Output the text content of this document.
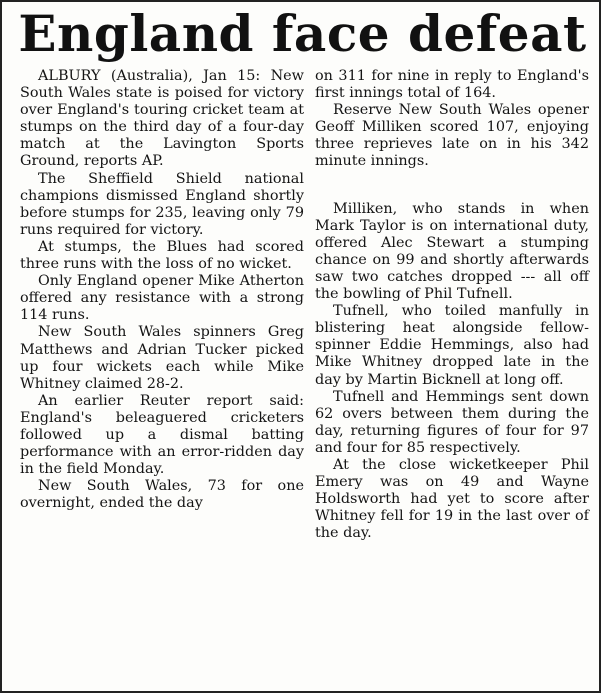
England face defeat

ALBURY (Australia), Jan 15: New South Wales state is poised for victory over England's touring cricket team at stumps on the third day of a four-day match at the Lavington Sports Ground, reports AP.

The Sheffield Shield national champions dismissed England shortly before stumps for 235, leaving only 79 runs required for victory.

At stumps, the Blues had scored three runs with the loss of no wicket.

Only England opener Mike Atherton offered any resistance with a strong 114 runs.

New South Wales spinners Greg Matthews and Adrian Tucker picked up four wickets each while Mike Whitney claimed 28-2.

An earlier Reuter report said: England's beleaguered cricketers followed up a dismal batting performance with an error-ridden day in the field Monday.

New South Wales, 73 for one overnight, ended the day

on 311 for nine in reply to England's first innings total of 164.

Reserve New South Wales opener Geoff Milliken scored 107, enjoying three reprieves late on in his 342 minute innings.

Milliken, who stands in when Mark Taylor is on international duty, offered Alec Stewart a stumping chance on 99 and shortly afterwards saw two catches dropped --- all off the bowling of Phil Tufnell.

Tufnell, who toiled manfully in blistering heat alongside fellow-spinner Eddie Hemmings, also had Mike Whitney dropped late in the day by Martin Bicknell at long off.

Tufnell and Hemmings sent down 62 overs between them during the day, returning figures of four for 97 and four for 85 respectively.

At the close wicketkeeper Phil Emery was on 49 and Wayne Holdsworth had yet to score after Whitney fell for 19 in the last over of the day.
